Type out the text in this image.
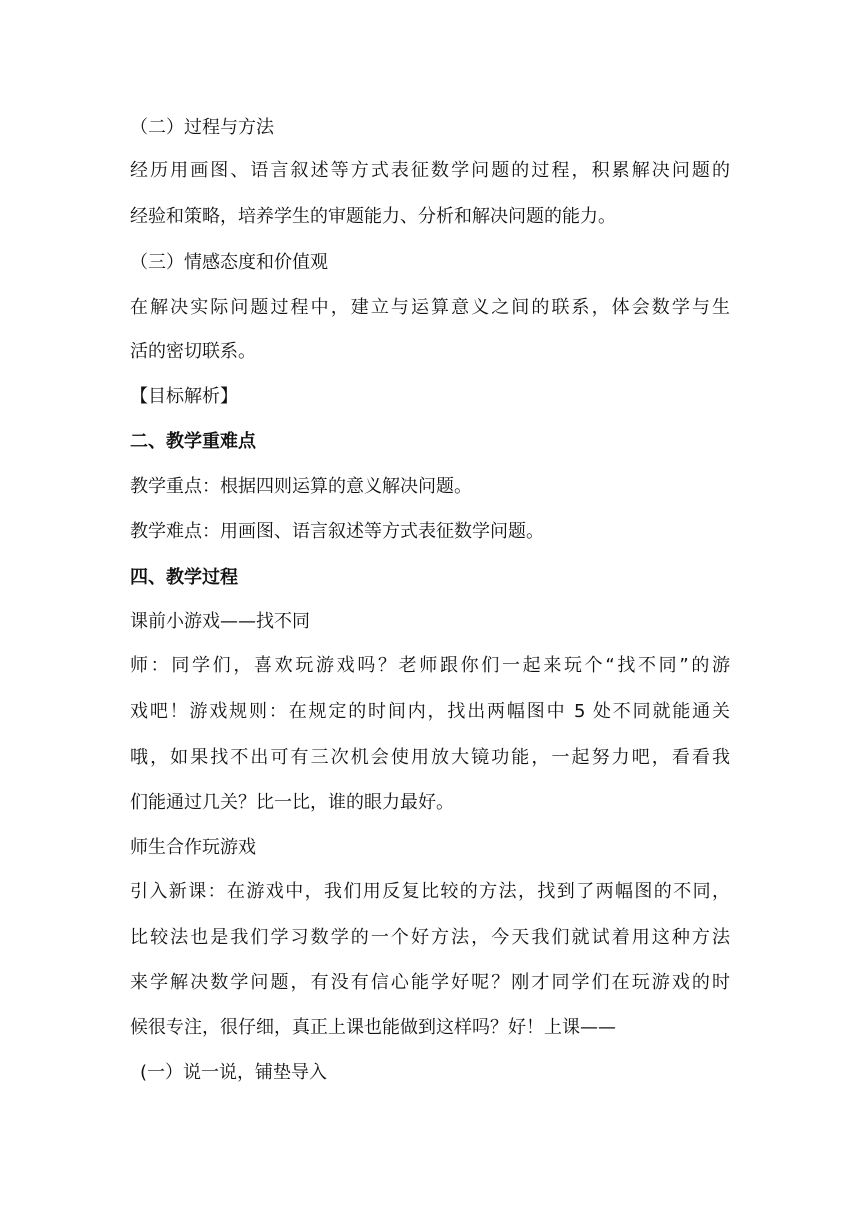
（二）过程与方法
经历用画图、语言叙述等方式表征数学问题的过程，积累解决问题的
经验和策略，培养学生的审题能力、分析和解决问题的能力。
（三）情感态度和价值观
在解决实际问题过程中，建立与运算意义之间的联系，体会数学与生
活的密切联系。
【目标解析】
二、教学重难点
教学重点：根据四则运算的意义解决问题。
教学难点：用画图、语言叙述等方式表征数学问题。
四、教学过程
课前小游戏——找不同
师：同学们，喜欢玩游戏吗？老师跟你们一起来玩个“找不同”的游
戏吧！游戏规则：在规定的时间内，找出两幅图中 5 处不同就能通关
哦，如果找不出可有三次机会使用放大镜功能，一起努力吧，看看我
们能通过几关？比一比，谁的眼力最好。
师生合作玩游戏
引入新课：在游戏中，我们用反复比较的方法，找到了两幅图的不同，
比较法也是我们学习数学的一个好方法，今天我们就试着用这种方法
来学解决数学问题，有没有信心能学好呢？刚才同学们在玩游戏的时
候很专注，很仔细，真正上课也能做到这样吗？好！上课——
(一）说一说，铺垫导入
